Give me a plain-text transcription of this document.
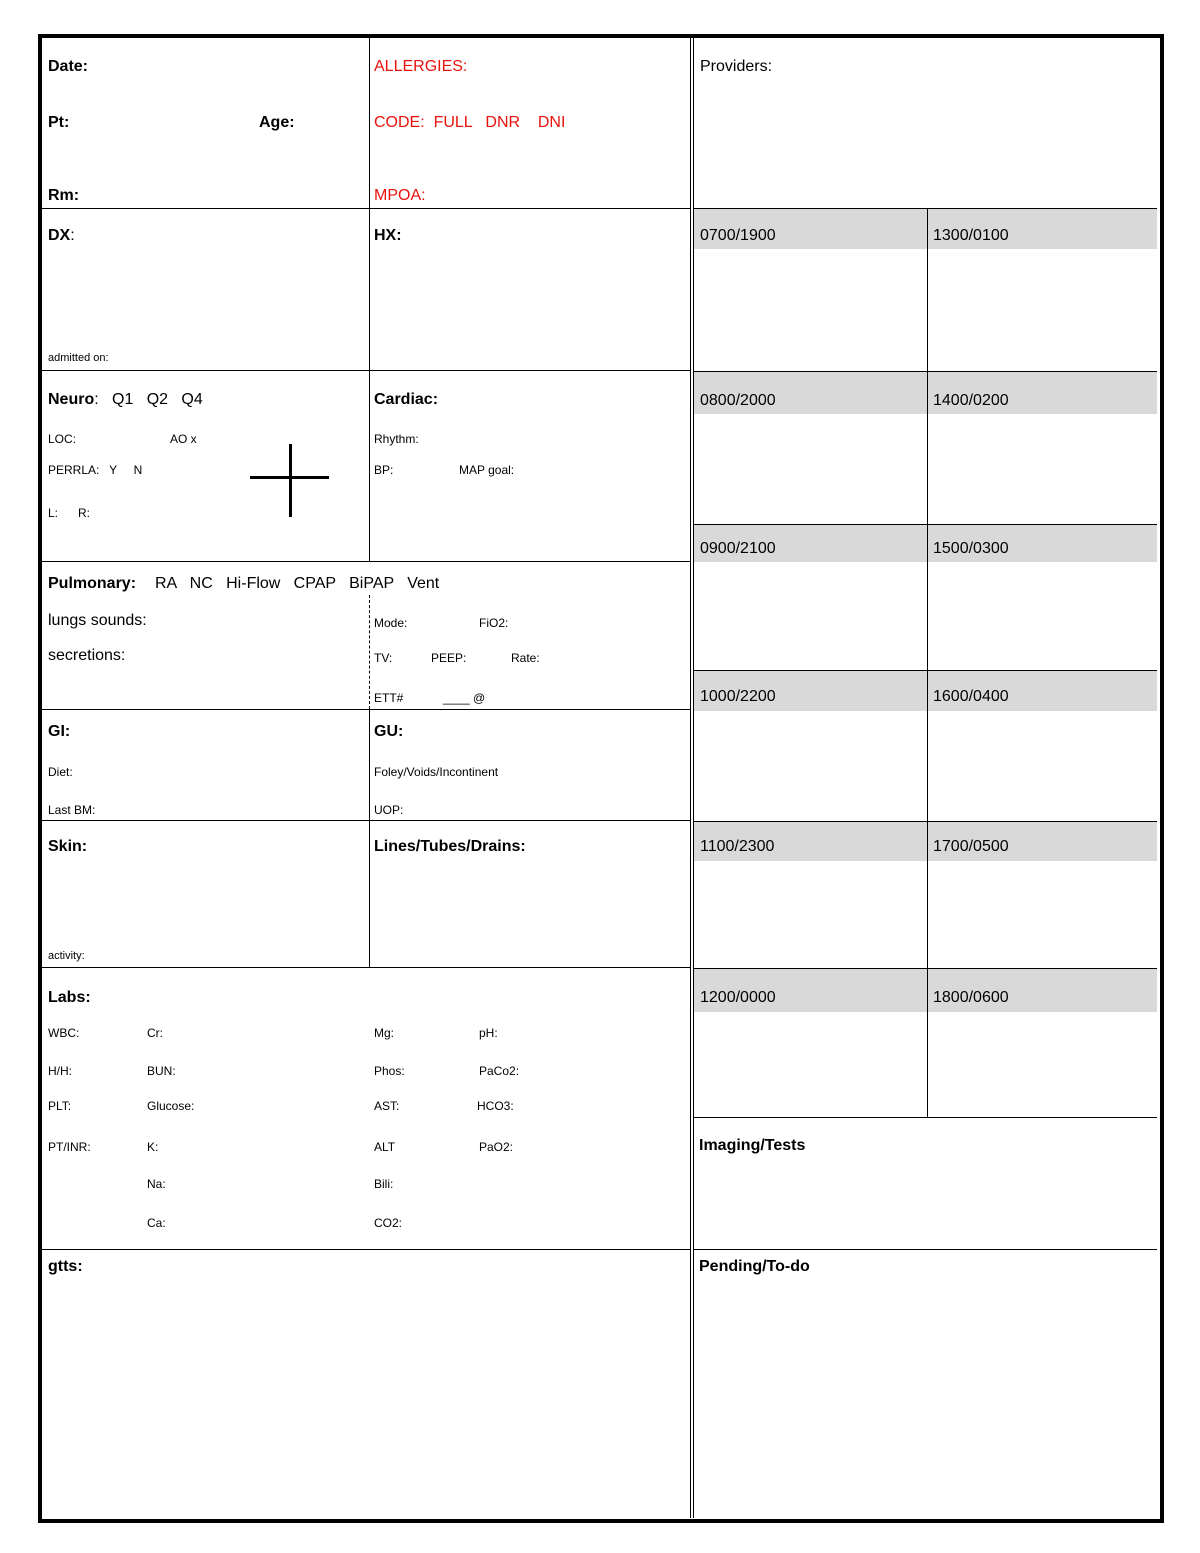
Date:
Pt:	Age:
Rm:
ALLERGIES:
CODE:  FULL   DNR    DNI
MPOA:
Providers:
DX:
admitted on:
HX:
Neuro:   Q1   Q2   Q4
LOC:	AO x
PERRLA:   Y     N
L:      R:
Cardiac:
Rhythm:
BP:	MAP goal:
Pulmonary: RA   NC   Hi-Flow   CPAP   BiPAP   Vent
lungs sounds:
secretions:
Mode:	FiO2:
TV:	PEEP:	Rate:
ETT#	____ @
GI:
Diet:
Last BM:
GU:
Foley/Voids/Incontinent
UOP:
Skin:
activity:
Lines/Tubes/Drains:
Labs:
WBC:
H/H:
PLT:
PT/INR:
Cr:
BUN:
Glucose:
K:
Na:
Ca:
Mg:
Phos:
AST:
ALT
Bili:
CO2:
pH:
PaCo2:
HCO3:
PaO2:
gtts:
0700/1900	1300/0100
0800/2000	1400/0200
0900/2100	1500/0300
1000/2200	1600/0400
1100/2300	1700/0500
1200/0000	1800/0600
Imaging/Tests
Pending/To-do
